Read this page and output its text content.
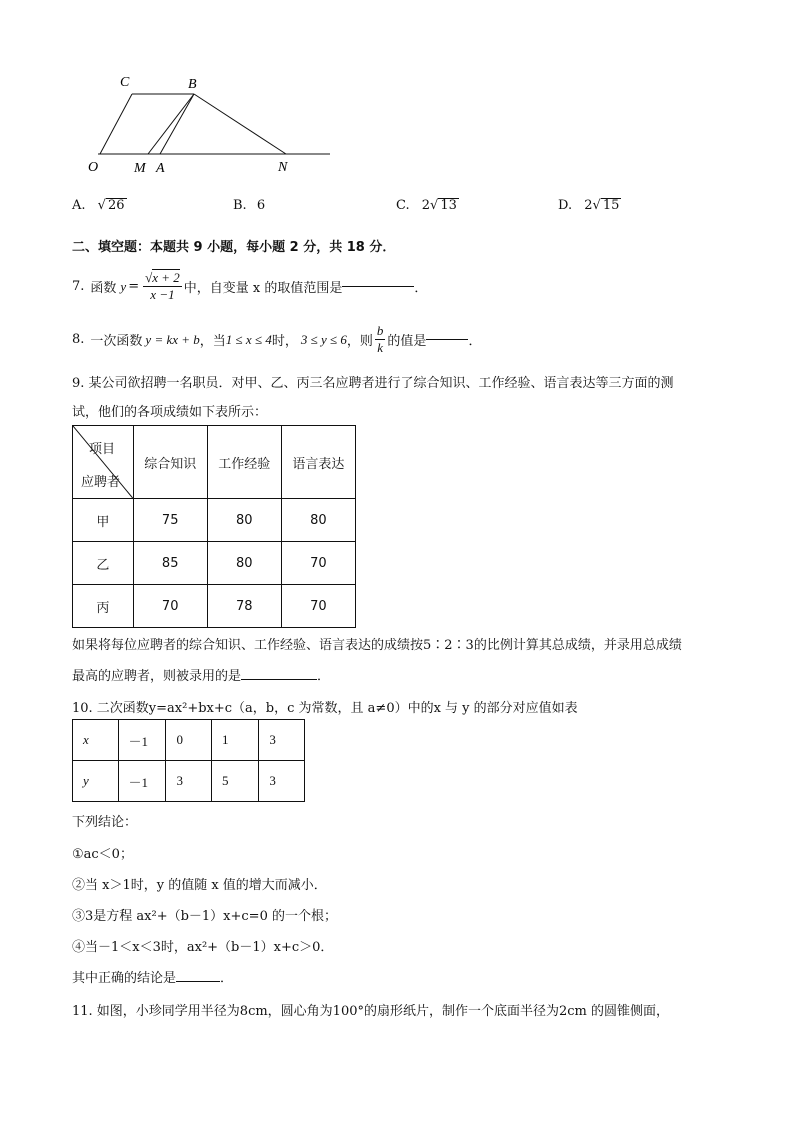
C	B
O	M A	N
A. √ 26	B. 6	C. 2√ 13	D. 2√ 15
二、填空题：本题共 9 小题，每小题 2 分，共 18 分．
7. 函数 $y = \frac{√x + 2}{x -1}$ 中，自变量 x 的取值范围是	．
8. 一次函数 y = kx + b ，当 1 ≤ x ≤ 4 时， 3 ≤ y ≤ 6 ，则 $\frac{b}{k}$ 的值是	．
9. 某公司欲招聘一名职员．对甲、乙、丙三名应聘者进行了综合知识、工作经验、语言表达等三方面的测
试，他们的各项成绩如下表所示：
项目
应聘者	综合知识	工作经验	语言表达
甲	75	80	80
乙	85	80	70
丙	70	78	70
如果将每位应聘者的综合知识、工作经验、语言表达的成绩按5∶2∶3的比例计算其总成绩，并录用总成绩
最高的应聘者，则被录用的是	．
10. 二次函数y=ax²+bx+c（a，b，c 为常数，且 a≠0）中的x 与 y 的部分对应值如表
x	－1	0	1	3
y	－1	3	5	3
下列结论：
①ac＜0；
②当 x＞1时，y 的值随 x 值的增大而减小．
③3是方程 ax²+（b－1）x+c=0 的一个根；
④当－1＜x＜3时，ax²+（b－1）x+c＞0．
其中正确的结论是	．
11. 如图，小珍同学用半径为8cm，圆心角为100°的扇形纸片，制作一个底面半径为2cm 的圆锥侧面，
